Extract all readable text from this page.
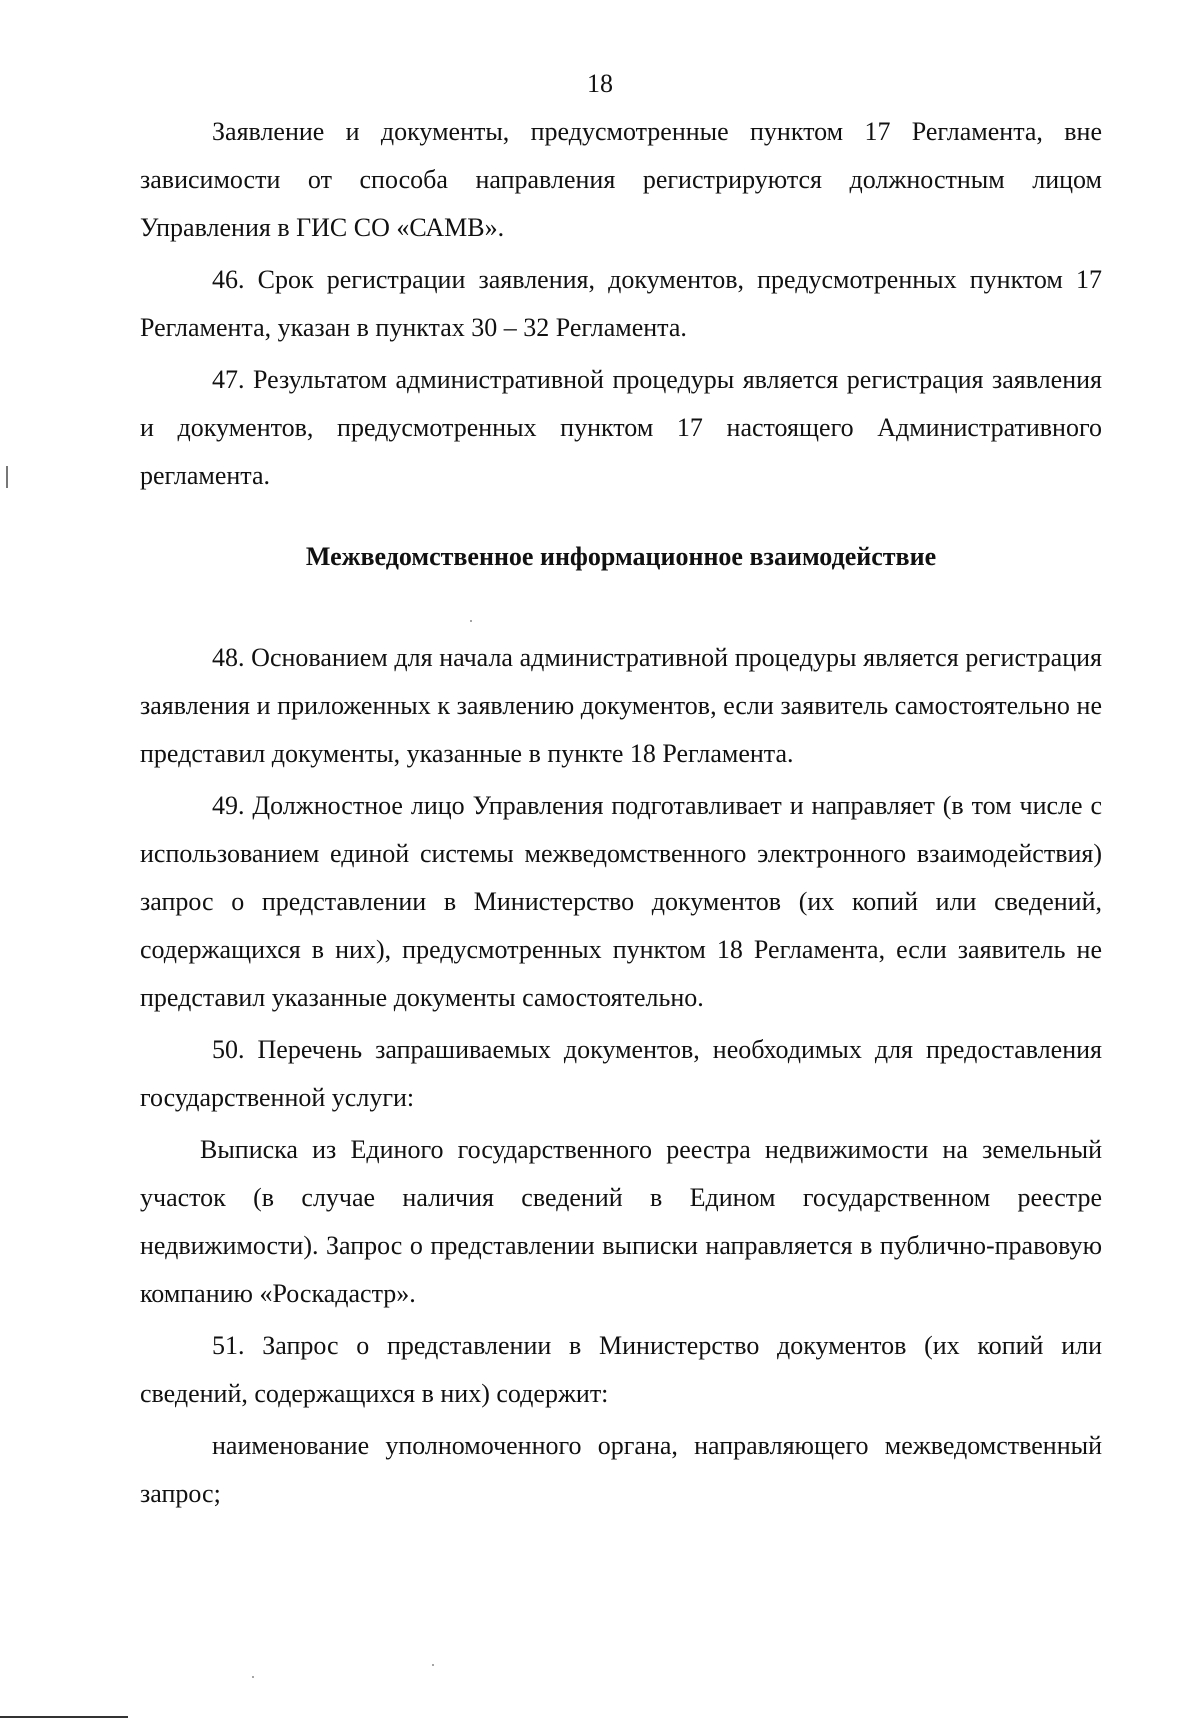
18

Заявление и документы, предусмотренные пунктом 17 Регламента, вне зависимости от способа направления регистрируются должностным лицом Управления в ГИС СО «САМВ».

46. Срок регистрации заявления, документов, предусмотренных пунктом 17 Регламента, указан в пунктах 30 – 32 Регламента.

47. Результатом административной процедуры является регистрация заявления и документов, предусмотренных пунктом 17 настоящего Административного регламента.

Межведомственное информационное взаимодействие

48. Основанием для начала административной процедуры является регистрация заявления и приложенных к заявлению документов, если заявитель самостоятельно не представил документы, указанные в пункте 18 Регламента.

49. Должностное лицо Управления подготавливает и направляет (в том числе с использованием единой системы межведомственного электронного взаимодействия) запрос о представлении в Министерство документов (их копий или сведений, содержащихся в них), предусмотренных пунктом 18 Регламента, если заявитель не представил указанные документы самостоятельно.

50. Перечень запрашиваемых документов, необходимых для предоставления государственной услуги:

Выписка из Единого государственного реестра недвижимости на земельный участок (в случае наличия сведений в Едином государственном реестре недвижимости). Запрос о представлении выписки направляется в публично-правовую компанию «Роскадастр».

51. Запрос о представлении в Министерство документов (их копий или сведений, содержащихся в них) содержит:

наименование уполномоченного органа, направляющего межведомственный запрос;
